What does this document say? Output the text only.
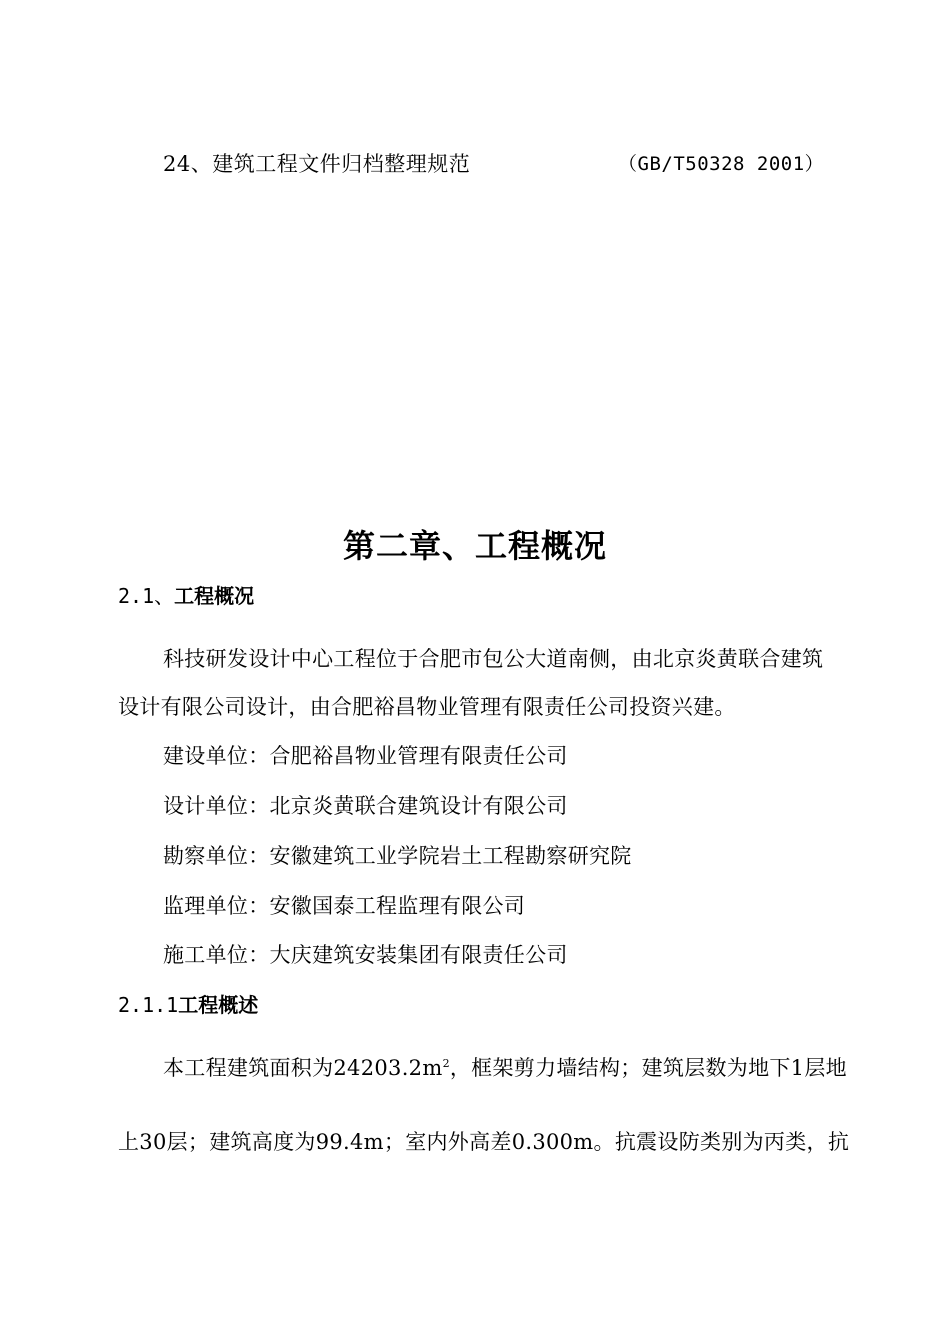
24、建筑工程文件归档整理规范	（GB/T50328 2001）
第二章、工程概况
2.1、工程概况
科技研发设计中心工程位于合肥市包公大道南侧，由北京炎黄联合建筑
设计有限公司设计，由合肥裕昌物业管理有限责任公司投资兴建。
建设单位：合肥裕昌物业管理有限责任公司
设计单位：北京炎黄联合建筑设计有限公司
勘察单位：安徽建筑工业学院岩土工程勘察研究院
监理单位：安徽国泰工程监理有限公司
施工单位：大庆建筑安装集团有限责任公司
2.1.1工程概述
本工程建筑面积为$24203.2m^2$，框架剪力墙结构；建筑层数为地下1层地
上30层；建筑高度为99.4m；室内外高差0.300m。抗震设防类别为丙类，抗
